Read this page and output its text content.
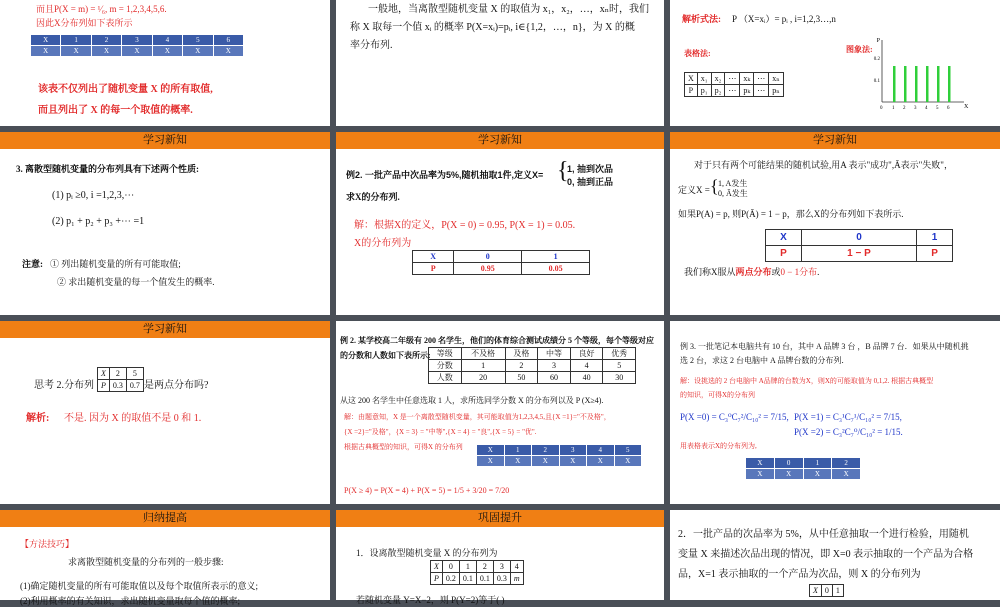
而且P(X = m) = ¹⁄₆, m = 1,2,3,4,5,6.
因此X分布列如下表所示
X	1	2	3	4	5	6
X	X	X	X	X	X	X
该表不仅列出了随机变量 X 的所有取值,
而且列出了 X 的每一个取值的概率.
一般地，当离散型随机变量 X 的取值为 x₁，x₂，…，xₙ时，我们
称 X 取每一个值 xᵢ 的概率 P(X=xᵢ)=pᵢ, i∈{1,2，…，n}，为 X 的概
率分布列.
解析式法: P （X=xᵢ）= pᵢ , i=1,2,3…,n
表格法:	图象法:
X	x₁	x₂	⋯	xₖ	⋯	xₙ
P	p₁	p₂	⋯	pₖ	⋯	pₙ
P
0.2
0.1
0 1 2 3 4 5 6 X
学习新知
3. 离散型随机变量的分布列具有下述两个性质:
(1) pᵢ ≥0, i =1,2,3,⋯
(2) p₁ + p₂ + p₃ +⋯ =1
注意: ① 列出随机变量的所有可能取值;
② 求出随机变量的每一个值发生的概率.
学习新知
例2. 一批产品中次品率为5%,随机抽取1件,定义X= {
1, 抽到次品
0, 抽到正品
求X的分布列.
解：根据X的定义，P(X = 0) = 0.95, P(X = 1) = 0.05.
X的分布列为
X	0	1
P	0.95	0.05
学习新知
对于只有两个可能结果的随机试验,用A 表示"成功",Ā表示"失败"，
定义X = { 1, A发生
0, Ā发生
如果P(A) = p, 则P(Ā) = 1 − p，那么X的分布列如下表所示.
X	0	1
P	1 − P	P
我们称X服从两点分布或0 − 1分布.
学习新知
思考 2.分布列
X	2	5
P	0.3	0.7 是两点分布吗?
解析: 不是. 因为 X 的取值不是 0 和 1.
例 2. 某学校高二年级有 200 名学生，他们的体育综合测试成绩分 5 个等级，每个等级对应
的分数和人数如下表所示: 等级	不及格	及格	中等	良好	优秀
分数	1	2	3	4	5
人数	20	50	60	40	30
从这 200 名学生中任意选取 1 人，求所选同学分数 X 的分布列以及 P (X≥4).
解：由题意知，X 是一个离散型随机变量，其可能取值为1,2,3,4,5,且{X =1}="不及格"，
{X =2}="及格"，{X = 3} = "中等",{X = 4} = "良",{X = 5} = "优".
根据古典概型的知识，可得X 的分布列	X	1	2	3	4	5
X	X	X	X	X	X
P(X ≥ 4) = P(X = 4) + P(X = 5) = 1/5 + 3/20 = 7/20
例 3. 一批笔记本电脑共有 10 台，其中 A 品牌 3 台 ，B 品牌 7 台．如果从中随机挑
选 2 台，求这 2 台电脑中 A 品牌台数的分布列．
解：设挑选的 2 台电脑中 A品牌的台数为X，则X的可能取值为 0,1,2. 根据古典概型
的知识，可得X的分布列
P(X =0) = C₃⁰C₇²/C₁₀² = 7/15, P(X =1) = C₃¹C₇¹/C₁₀² = 7/15,
P(X =2) = C₃²C₇⁰/C₁₀² = 1/15.
用表格表示X的分布列为,
X	0	1	2
X	X	X	X
归纳提高
【方法技巧】
求离散型随机变量的分布列的一般步骤:
(1)确定随机变量的所有可能取值以及每个取值所表示的意义;
(2)利用概率的有关知识，求出随机变量取每个值的概率;
巩固提升
1．设离散型随机变量 X 的分布列为
X	0	1	2	3	4
P	0.2	0.1	0.1	0.3	m
若随机变量 Y=X−2，则 P(Y=2)等于( )
2．一批产品的次品率为 5%，从中任意抽取一个进行检验，用随机
变量 X 来描述次品出现的情况，即 X=0 表示抽取的一个产品为合格
品，X=1 表示抽取的一个产品为次品，则 X 的分布列为
X	0	1
